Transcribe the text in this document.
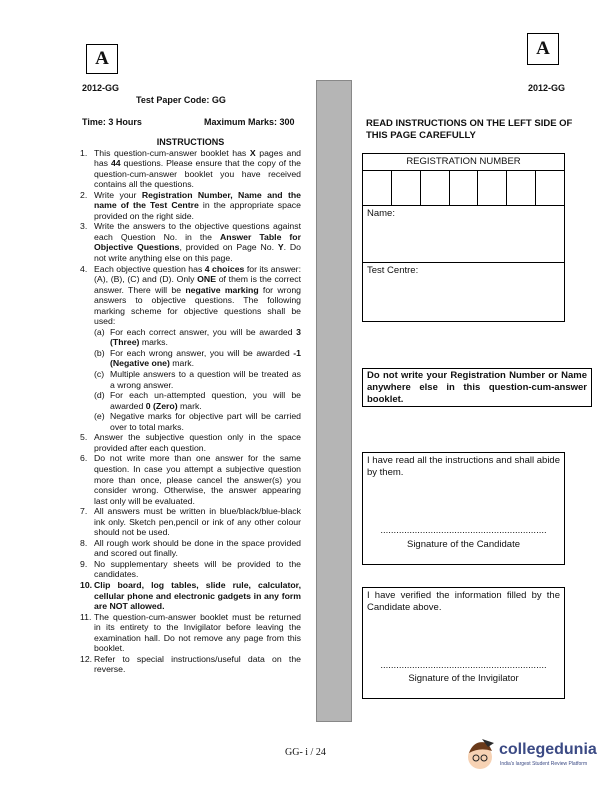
A	A
2012-GG	2012-GG
Test Paper Code: GG
Time: 3 Hours	Maximum Marks: 300
INSTRUCTIONS
1. This question-cum-answer booklet has X pages and has 44 questions. Please ensure that the copy of the question-cum-answer booklet you have received contains all the questions.
2. Write your Registration Number, Name and the name of the Test Centre in the appropriate space provided on the right side.
3. Write the answers to the objective questions against each Question No. in the Answer Table for Objective Questions, provided on Page No. Y. Do not write anything else on this page.
4. Each objective question has 4 choices for its answer: (A), (B), (C) and (D). Only ONE of them is the correct answer. There will be negative marking for wrong answers to objective questions. The following marking scheme for objective questions shall be used:
(a) For each correct answer, you will be awarded 3 (Three) marks.
(b) For each wrong answer, you will be awarded -1 (Negative one) mark.
(c) Multiple answers to a question will be treated as a wrong answer.
(d) For each un-attempted question, you will be awarded 0 (Zero) mark.
(e) Negative marks for objective part will be carried over to total marks.
5. Answer the subjective question only in the space provided after each question.
6. Do not write more than one answer for the same question. In case you attempt a subjective question more than once, please cancel the answer(s) you consider wrong. Otherwise, the answer appearing last only will be evaluated.
7. All answers must be written in blue/black/blue-black ink only. Sketch pen,pencil or ink of any other colour should not be used.
8. All rough work should be done in the space provided and scored out finally.
9. No supplementary sheets will be provided to the candidates.
10. Clip board, log tables, slide rule, calculator, cellular phone and electronic gadgets in any form are NOT allowed.
11. The question-cum-answer booklet must be returned in its entirety to the Invigilator before leaving the examination hall. Do not remove any page from this booklet.
12. Refer to special instructions/useful data on the reverse.
READ INSTRUCTIONS ON THE LEFT SIDE OF THIS PAGE CAREFULLY
REGISTRATION NUMBER
Name:
Test Centre:
Do not write your Registration Number or Name anywhere else in this question-cum-answer booklet.
I have read all the instructions and shall abide by them.
...............................................................
Signature of the Candidate
I have verified the information filled by the Candidate above.
...............................................................
Signature of the Invigilator
GG- i / 24	collegedunia
India's largest Student Review Platform
